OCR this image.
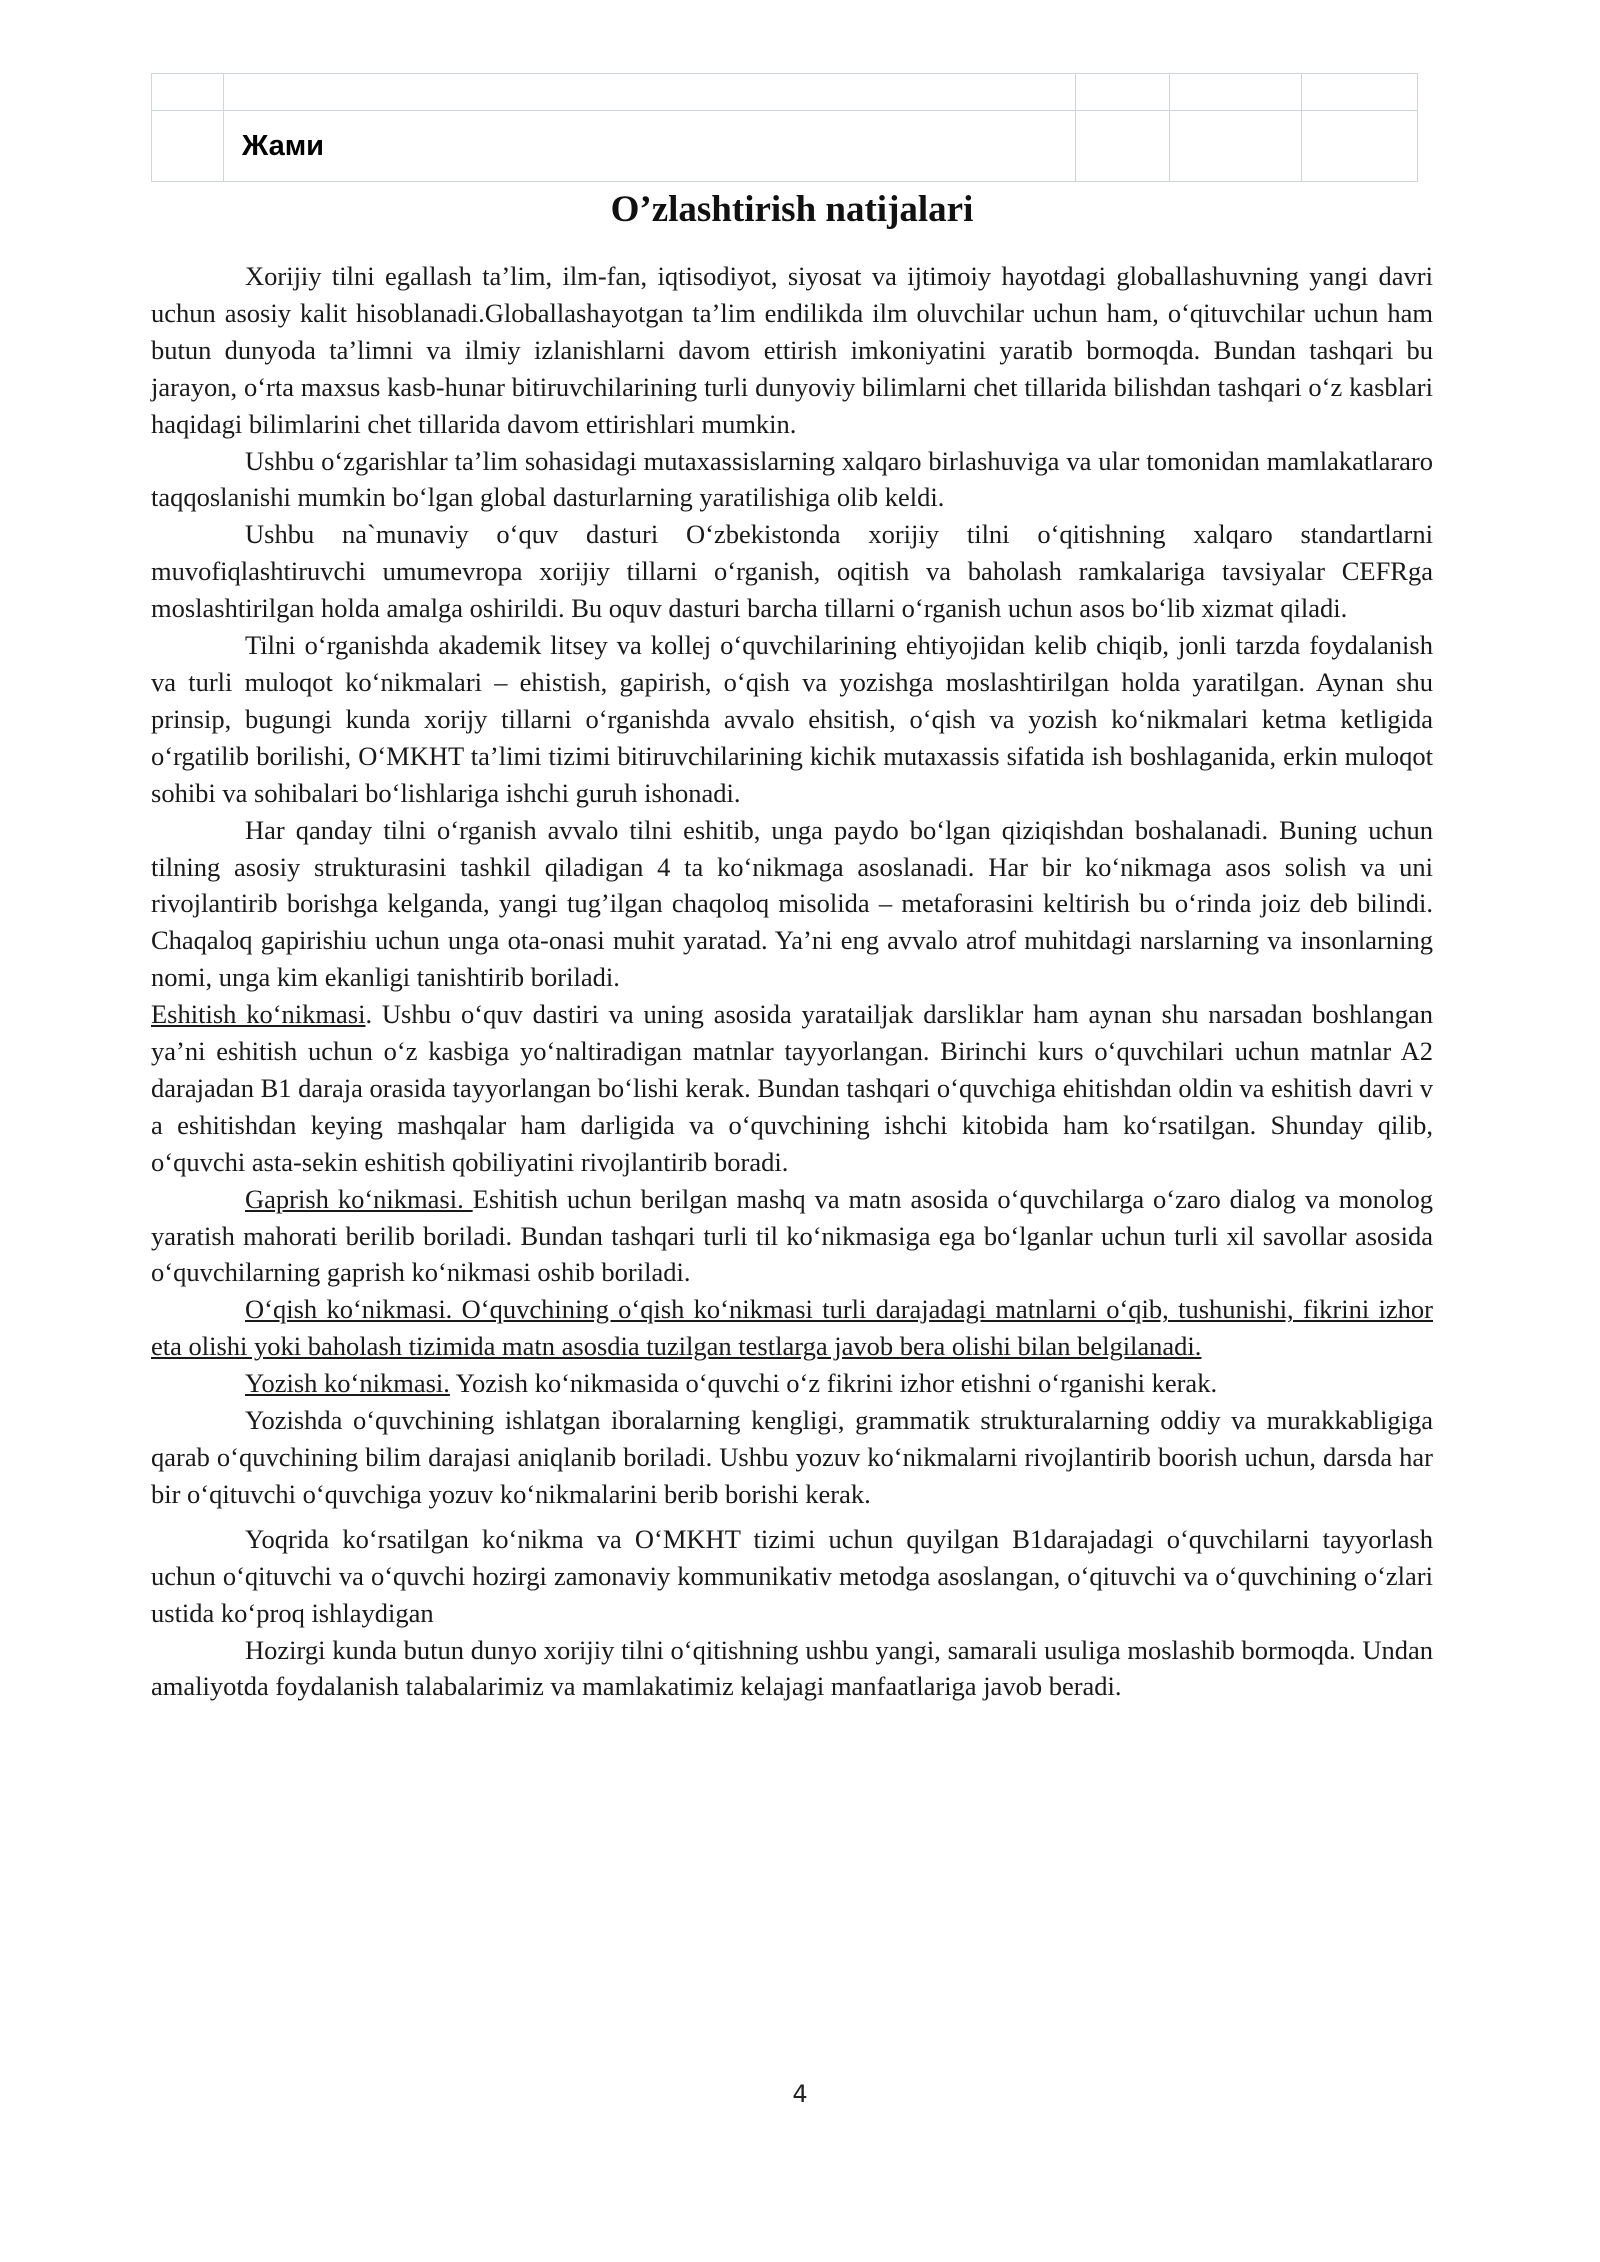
	Жами			
O’zlashtirish natijalari

Xorijiy tilni egallash ta’lim, ilm-fan, iqtisodiyot, siyosat va ijtimoiy hayotdagi globallashuvning yangi davri uchun asosiy kalit hisoblanadi.Globallashayotgan ta’lim endilikda ilm oluvchilar uchun ham, o‘qituvchilar uchun ham butun dunyoda ta’limni va ilmiy izlanishlarni davom ettirish imkoniyatini yaratib bormoqda. Bundan tashqari bu jarayon, o‘rta maxsus kasb-hunar bitiruvchilarining turli dunyoviy bilimlarni chet tillarida bilishdan tashqari o‘z kasblari haqidagi bilimlarini chet tillarida davom ettirishlari mumkin.

Ushbu o‘zgarishlar ta’lim sohasidagi mutaxassislarning xalqaro birlashuviga va ular tomonidan mamlakatlararo taqqoslanishi mumkin bo‘lgan global dasturlarning yaratilishiga olib keldi.

Ushbu na`munaviy o‘quv dasturi O‘zbekistonda xorijiy tilni o‘qitishning xalqaro standartlarni muvofiqlashtiruvchi umumevropa xorijiy tillarni o‘rganish, oqitish va baholash ramkalariga tavsiyalar CEFRga moslashtirilgan holda amalga oshirildi. Bu oquv dasturi barcha tillarni o‘rganish uchun asos bo‘lib xizmat qiladi.

Tilni o‘rganishda akademik litsey va kollej o‘quvchilarining ehtiyojidan kelib chiqib, jonli tarzda foydalanish va turli muloqot ko‘nikmalari – ehistish, gapirish, o‘qish va yozishga moslashtirilgan holda yaratilgan. Aynan shu prinsip, bugungi kunda xorijy tillarni o‘rganishda avvalo ehsitish, o‘qish va yozish ko‘nikmalari ketma ketligida o‘rgatilib borilishi, O‘MKHT ta’limi tizimi bitiruvchilarining kichik mutaxassis sifatida ish boshlaganida, erkin muloqot sohibi va sohibalari bo‘lishlariga ishchi guruh ishonadi.

Har qanday tilni o‘rganish avvalo tilni eshitib, unga paydo bo‘lgan qiziqishdan boshalanadi. Buning uchun tilning asosiy strukturasini tashkil qiladigan 4 ta ko‘nikmaga asoslanadi. Har bir ko‘nikmaga asos solish va uni rivojlantirib borishga kelganda, yangi tug’ilgan chaqoloq misolida – metaforasini keltirish bu o‘rinda joiz deb bilindi. Chaqaloq gapirishiu uchun unga ota-onasi muhit yaratad. Ya’ni eng avvalo atrof muhitdagi narslarning va insonlarning nomi, unga kim ekanligi tanishtirib boriladi.

Eshitish ko‘nikmasi. Ushbu o‘quv dastiri va uning asosida yaratailjak darsliklar ham aynan shu narsadan boshlangan ya’ni eshitish uchun o‘z kasbiga yo‘naltiradigan matnlar tayyorlangan. Birinchi kurs o‘quvchilari uchun matnlar A2 darajadan B1 daraja orasida tayyorlangan bo‘lishi kerak. Bundan tashqari o‘quvchiga ehitishdan oldin va eshitish davri v a eshitishdan keying mashqalar ham darligida va o‘quvchining ishchi kitobida ham ko‘rsatilgan. Shunday qilib, o‘quvchi asta-sekin eshitish qobiliyatini rivojlantirib boradi.

Gaprish ko‘nikmasi. Eshitish uchun berilgan mashq va matn asosida o‘quvchilarga o‘zaro dialog va monolog yaratish mahorati berilib boriladi. Bundan tashqari turli til ko‘nikmasiga ega bo‘lganlar uchun turli xil savollar asosida o‘quvchilarning gaprish ko‘nikmasi oshib boriladi.

O‘qish ko‘nikmasi. O‘quvchining o‘qish ko‘nikmasi turli darajadagi matnlarni o‘qib, tushunishi, fikrini izhor eta olishi yoki baholash tizimida matn asosdia tuzilgan testlarga javob bera olishi bilan belgilanadi.

Yozish ko‘nikmasi. Yozish ko‘nikmasida o‘quvchi o‘z fikrini izhor etishni o‘rganishi kerak.

Yozishda o‘quvchining ishlatgan iboralarning kengligi, grammatik strukturalarning oddiy va murakkabligiga qarab o‘quvchining bilim darajasi aniqlanib boriladi. Ushbu yozuv ko‘nikmalarni rivojlantirib boorish uchun, darsda har bir o‘qituvchi o‘quvchiga yozuv ko‘nikmalarini berib borishi kerak.

Yoqrida ko‘rsatilgan ko‘nikma va O‘MKHT tizimi uchun quyilgan B1darajadagi o‘quvchilarni tayyorlash uchun o‘qituvchi va o‘quvchi hozirgi zamonaviy kommunikativ metodga asoslangan, o‘qituvchi va o‘quvchining o‘zlari ustida ko‘proq ishlaydigan

Hozirgi kunda butun dunyo xorijiy tilni o‘qitishning ushbu yangi, samarali usuliga moslashib bormoqda. Undan amaliyotda foydalanish talabalarimiz va mamlakatimiz kelajagi manfaatlariga javob beradi.

4
